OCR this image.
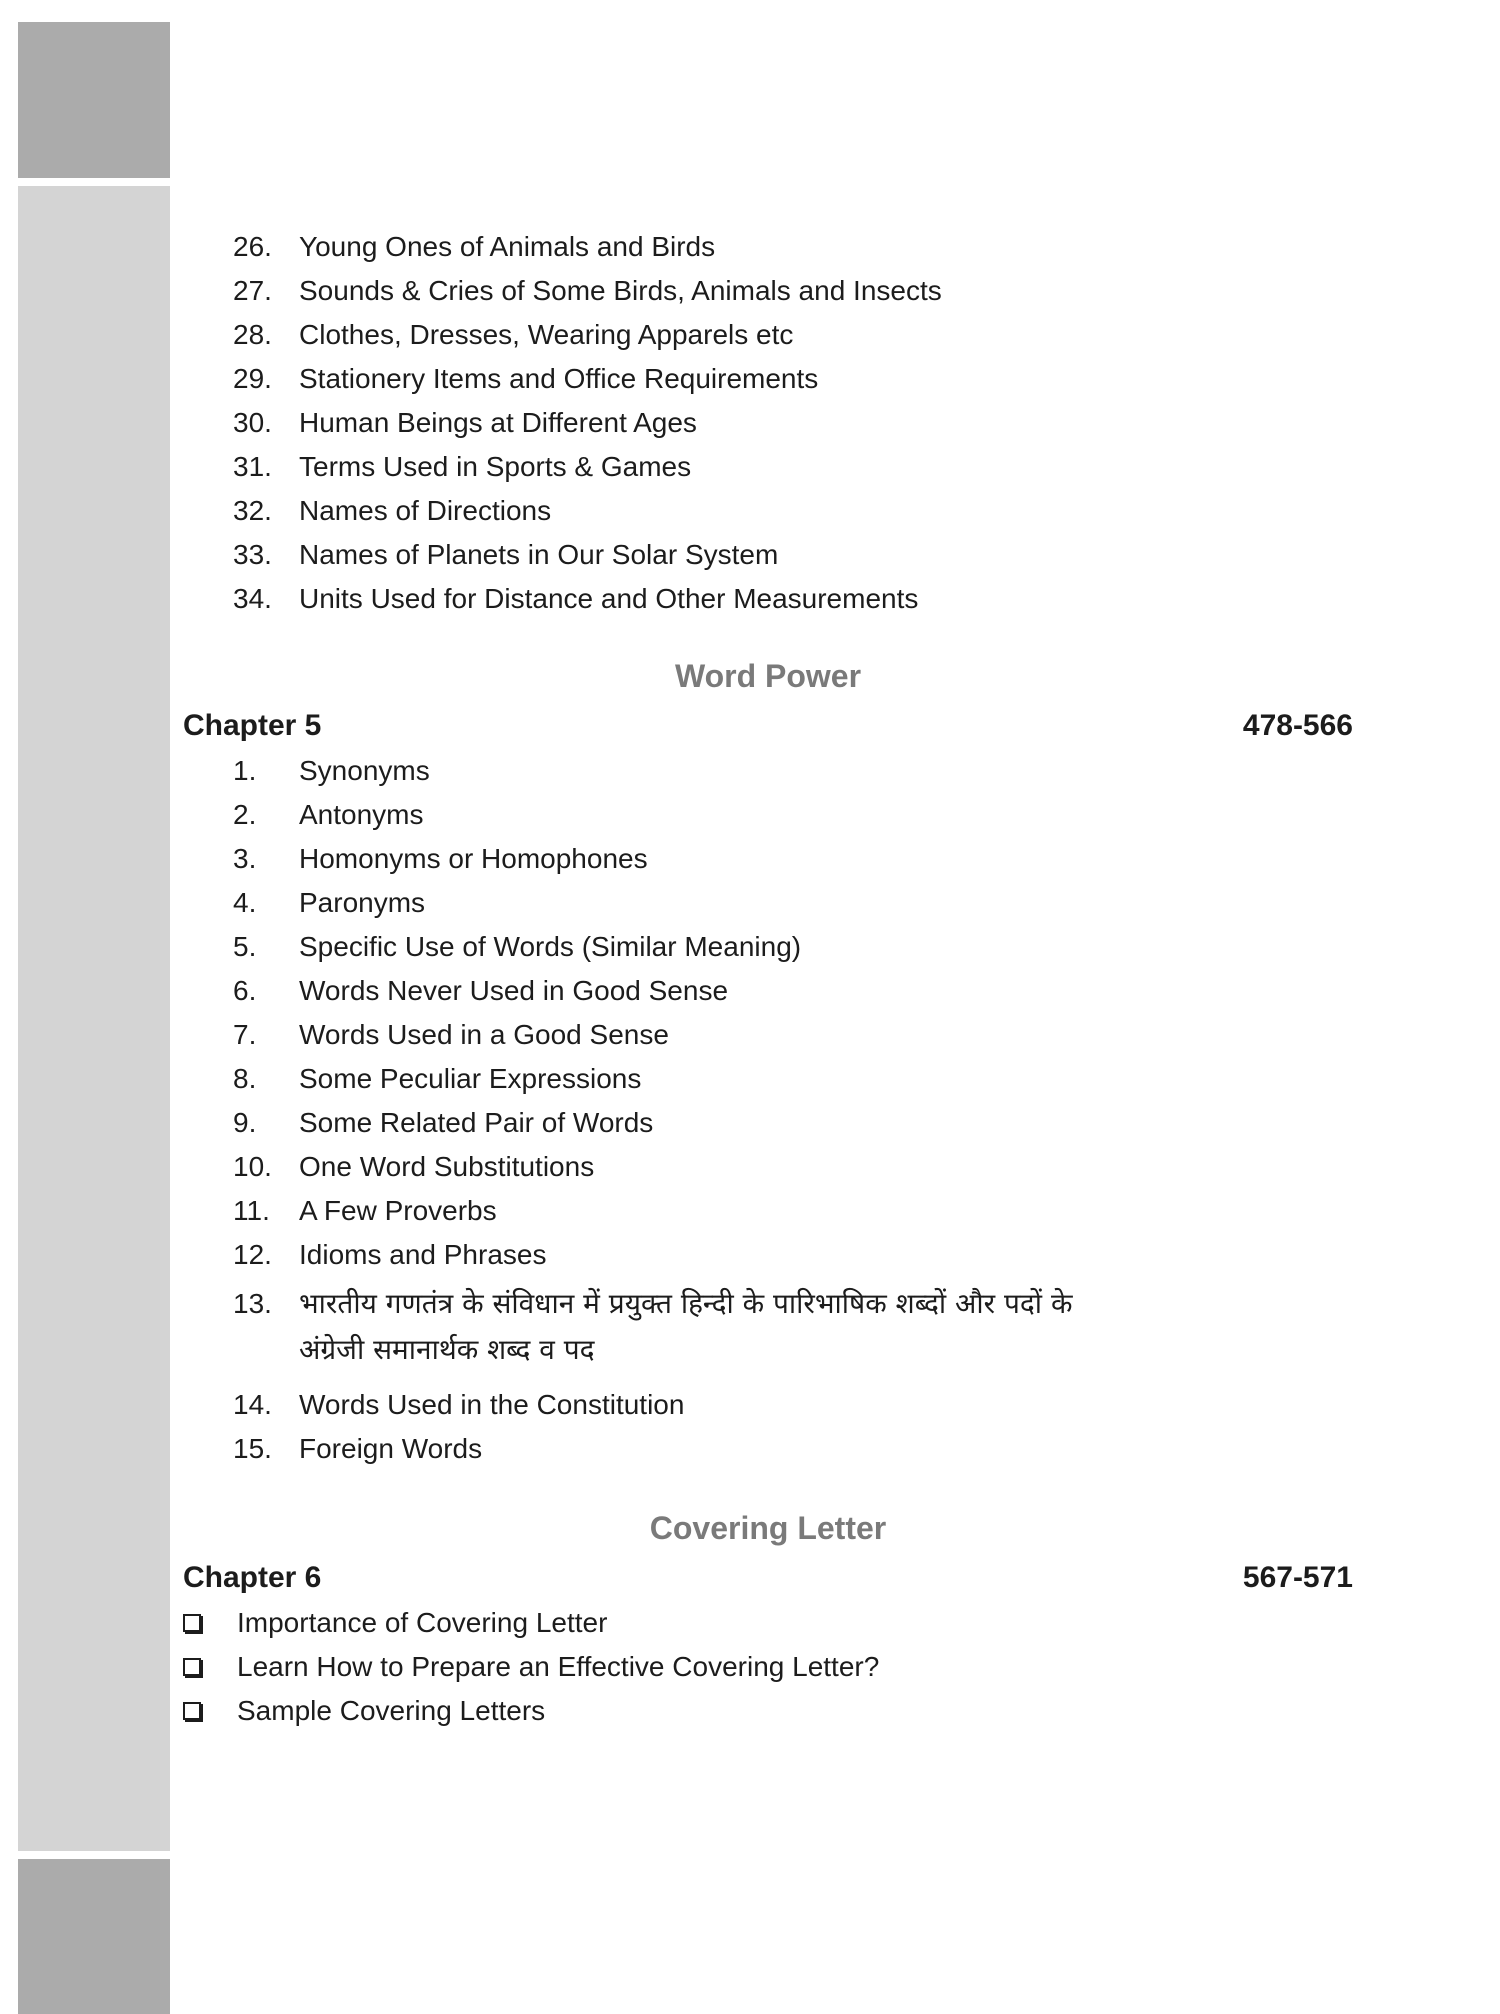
26. Young Ones of Animals and Birds
27. Sounds & Cries of Some Birds, Animals and Insects
28. Clothes, Dresses, Wearing Apparels etc
29. Stationery Items and Office Requirements
30. Human Beings at Different Ages
31. Terms Used in Sports & Games
32. Names of Directions
33. Names of Planets in Our Solar System
34. Units Used for Distance and Other Measurements
Word Power
Chapter 5	478-566
1. Synonyms
2. Antonyms
3. Homonyms or Homophones
4. Paronyms
5. Specific Use of Words (Similar Meaning)
6. Words Never Used in Good Sense
7. Words Used in a Good Sense
8. Some Peculiar Expressions
9. Some Related Pair of Words
10. One Word Substitutions
11. A Few Proverbs
12. Idioms and Phrases
13. भारतीय गणतंत्र के संविधान में प्रयुक्त हिन्दी के पारिभाषिक शब्दों और पदों के अंग्रेजी समानार्थक शब्द व पद
14. Words Used in the Constitution
15. Foreign Words
Covering Letter
Chapter 6	567-571
Importance of Covering Letter
Learn How to Prepare an Effective Covering Letter?
Sample Covering Letters
